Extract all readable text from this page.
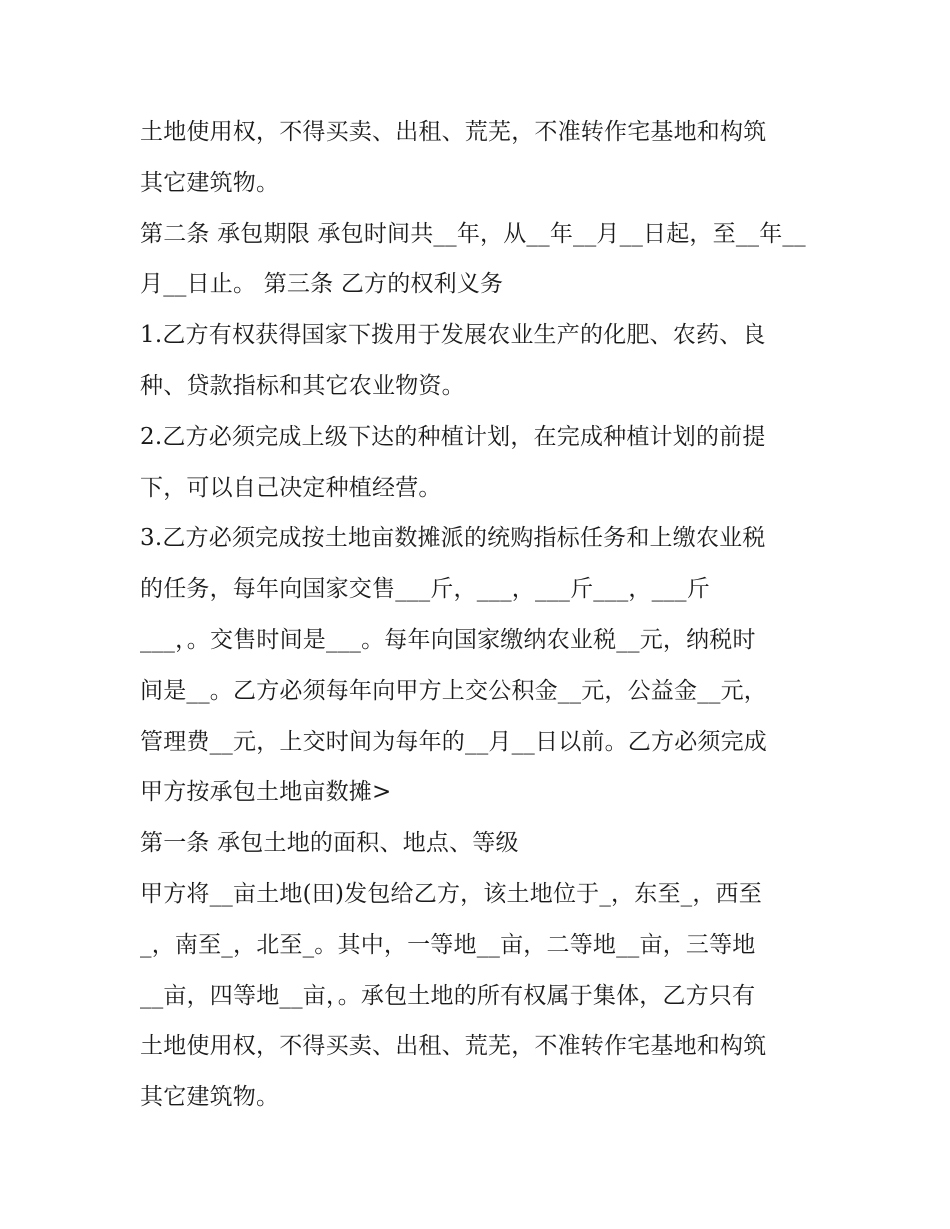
土地使用权，不得买卖、出租、荒芜，不准转作宅基地和构筑
其它建筑物。
第二条 承包期限 承包时间共__年，从__年__月__日起，至__年__
月__日止。 第三条 乙方的权利义务
1.乙方有权获得国家下拨用于发展农业生产的化肥、农药、良
种、贷款指标和其它农业物资。
2.乙方必须完成上级下达的种植计划，在完成种植计划的前提
下，可以自己决定种植经营。
3.乙方必须完成按土地亩数摊派的统购指标任务和上缴农业税
的任务，每年向国家交售___斤，___，___斤___，___斤
___，。交售时间是___。每年向国家缴纳农业税__元，纳税时
间是__。乙方必须每年向甲方上交公积金__元，公益金__元，
管理费__元，上交时间为每年的__月__日以前。乙方必须完成
甲方按承包土地亩数摊>
第一条 承包土地的面积、地点、等级
甲方将__亩土地(田)发包给乙方，该土地位于_，东至_，西至
_，南至_，北至_。其中，一等地__亩，二等地__亩，三等地
__亩，四等地__亩，。承包土地的所有权属于集体，乙方只有
土地使用权，不得买卖、出租、荒芜，不准转作宅基地和构筑
其它建筑物。
